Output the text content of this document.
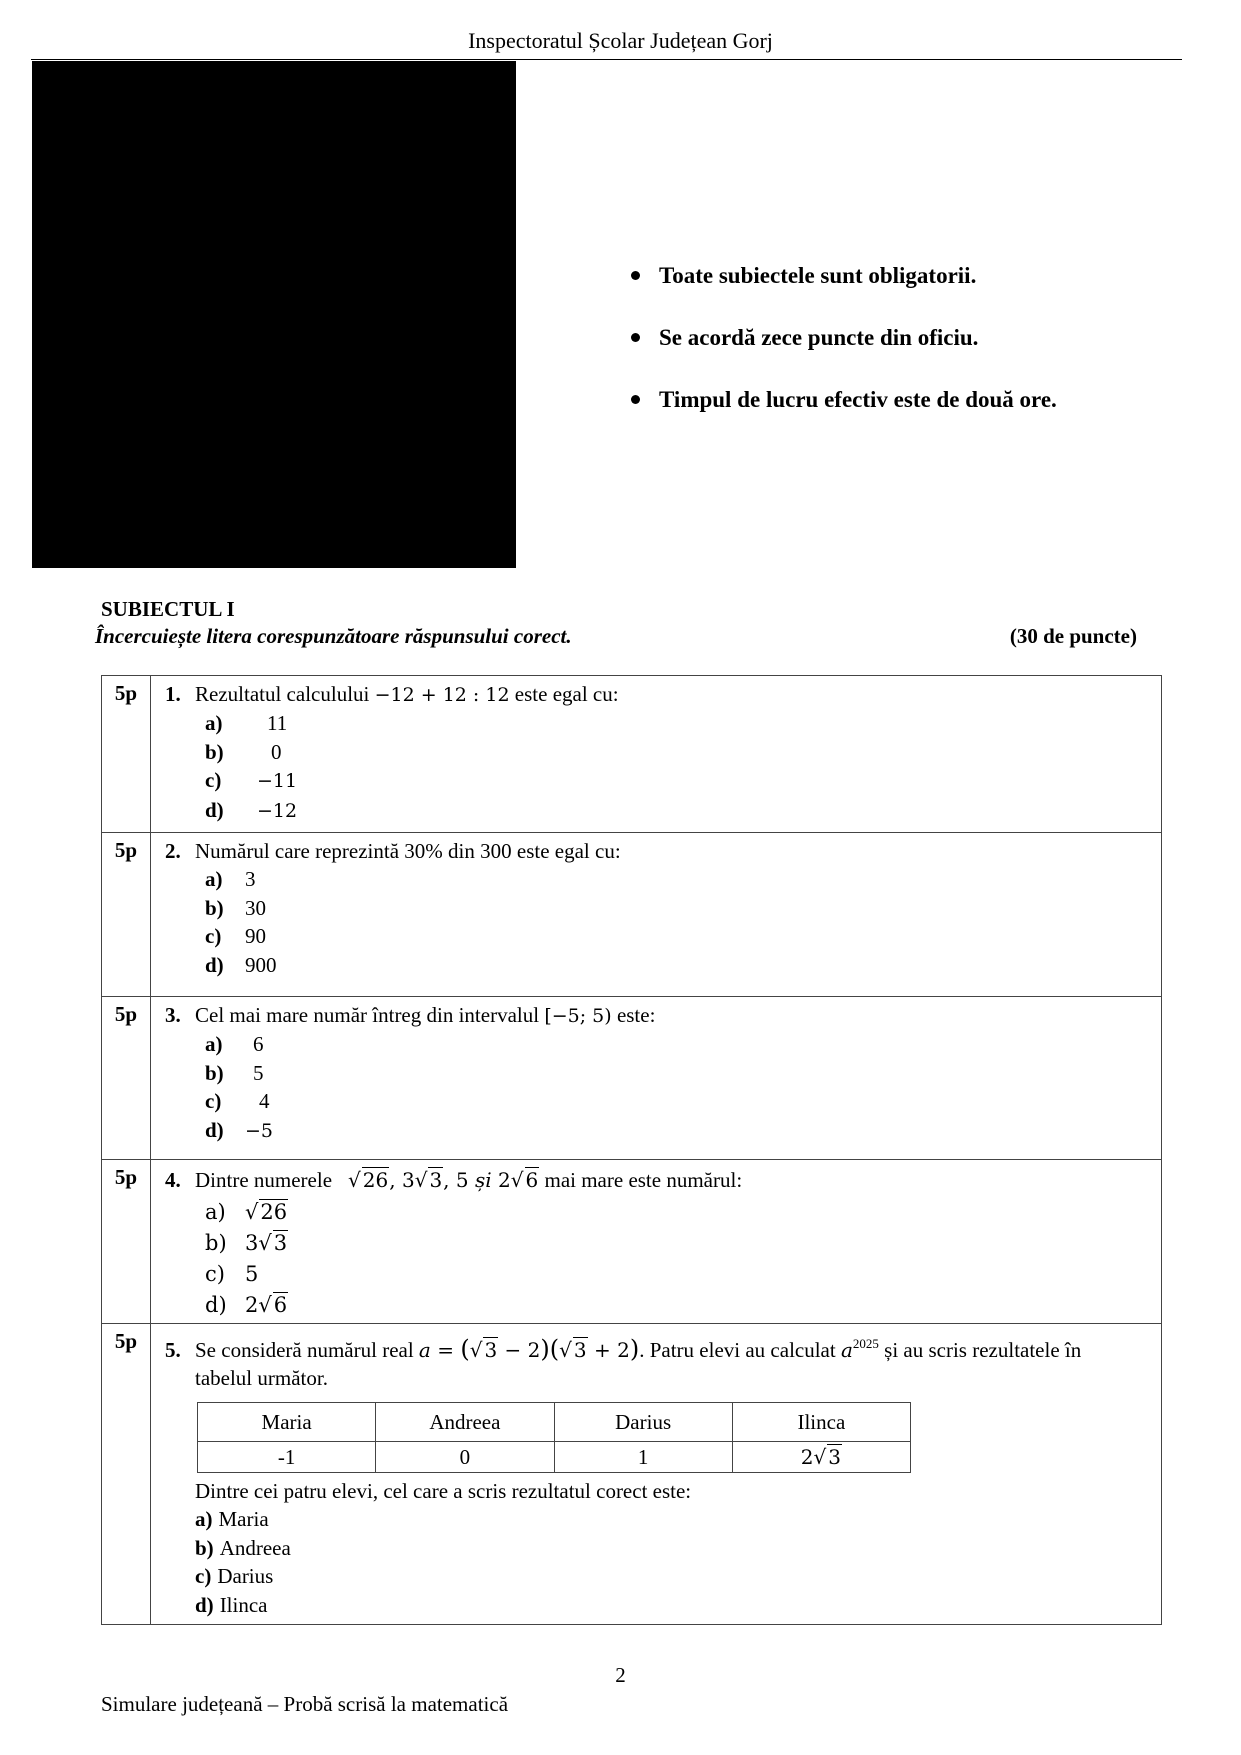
Inspectoratul Școlar Județean Gorj
Toate subiectele sunt obligatorii.
Se acordă zece puncte din oficiu.
Timpul de lucru efectiv este de două ore.
SUBIECTUL I
Încercuiește litera corespunzătoare răspunsului corect.	(30 de puncte)
5p	1. Rezultatul calculului −12 + 12 : 12 este egal cu:
a)	11
b)	0
c)	−11
d)	−12

5p	2. Numărul care reprezintă 30% din 300 este egal cu:
a)	3
b)	30
c)	90
d)	900

5p	3. Cel mai mare număr întreg din intervalul [−5; 5) este:
a)	6
b)	5
c)	4
d)	−5

5p	4. Dintre numerele √ 26, 3√ 3, 5 și 2√ 6 mai mare este numărul:
a) √26
b) 3 √3
c) 5
d) 2 √6

5p	5. Se consideră numărul real a = (√ 3 − 2)(√ 3 + 2). Patru elevi au calculat $a^{2025}$ și au scris rezultatele în tabelul următor.
Maria	Andreea	Darius	Ilinca
-1	0	1	2√ 3
Dintre cei patru elevi, cel care a scris rezultatul corect este:
a) Maria
b) Andreea
c) Darius
d) Ilinca
2
Simulare județeană – Probă scrisă la matematică
